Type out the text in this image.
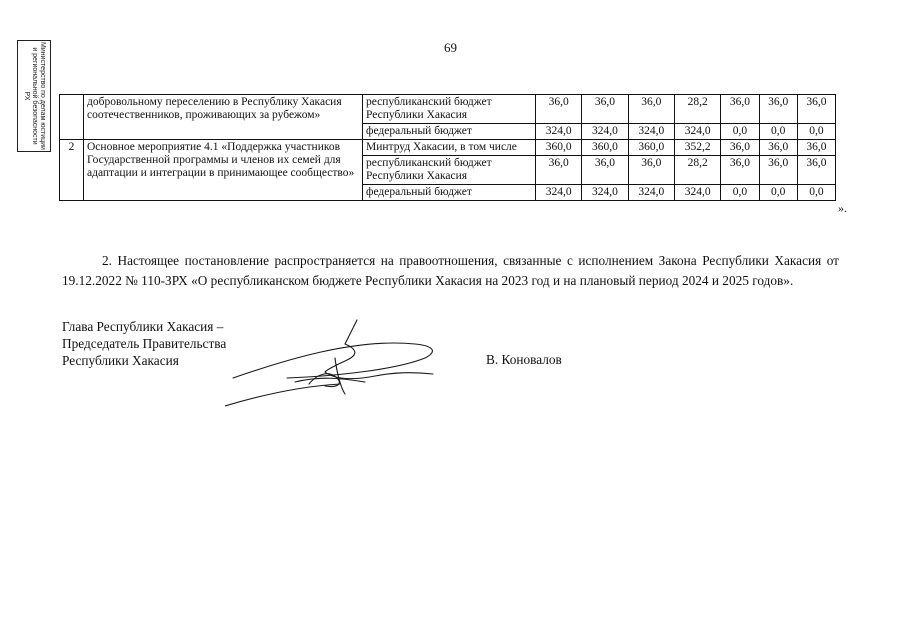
69
Министерство по делам юстиции и региональной безопасности РХ
		добровольному переселению в Республику Хакасия соотечественников, проживающих за рубежом»	республиканский бюджет Республики Хакасия	36,0	36,0	36,0	28,2	36,0	36,0	36,0
		федеральный бюджет	324,0	324,0	324,0	324,0	0,0	0,0	0,0
2	Основное мероприятие 4.1 «Поддержка участников Государственной программы и членов их семей для адаптации и интеграции в принимающее сообщество»	Минтруд Хакасии, в том числе	360,0	360,0	360,0	352,2	36,0	36,0	36,0
		республиканский бюджет Республики Хакасия	36,0	36,0	36,0	28,2	36,0	36,0	36,0
		федеральный бюджет	324,0	324,0	324,0	324,0	0,0	0,0	0,0
».

2. Настоящее постановление распространяется на правоотношения, связанные с исполнением Закона Республики Хакасия от 19.12.2022 № 110-ЗРХ «О республиканском бюджете Республики Хакасия на 2023 год и на плановый период 2024 и 2025 годов».

Глава Республики Хакасия –
Председатель Правительства
Республики Хакасия	В. Коновалов
